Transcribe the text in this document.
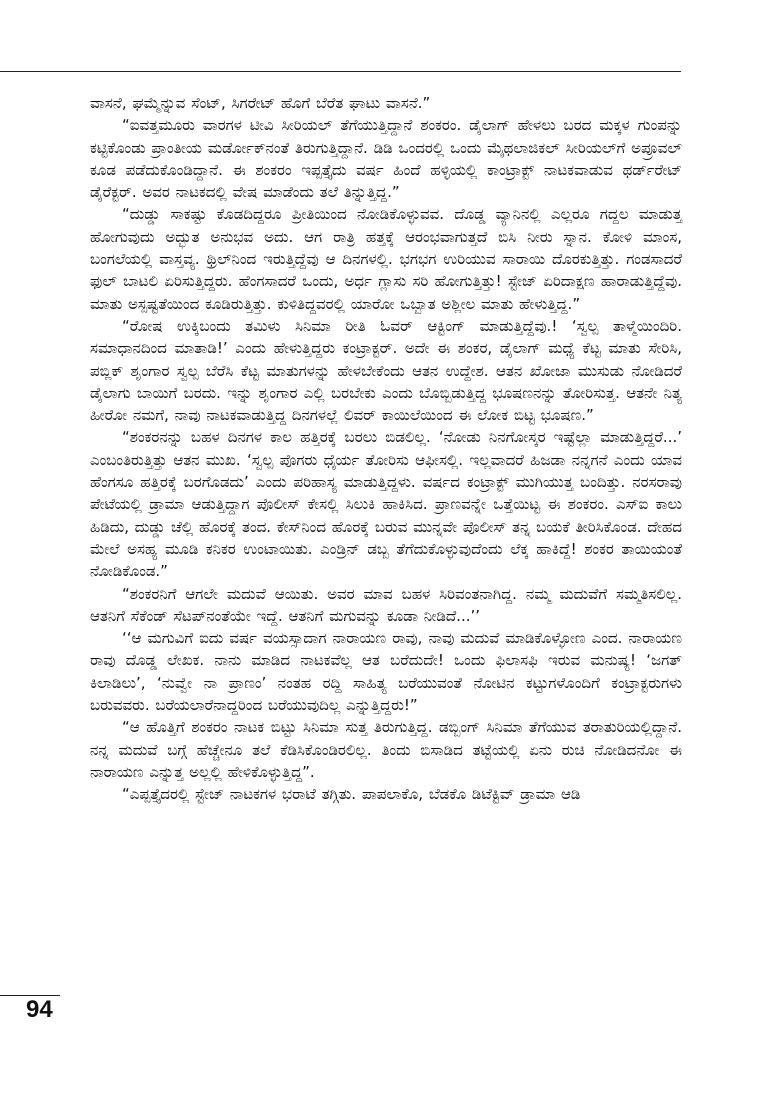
ವಾಸನೆ, ಘಮ್ಮೆನ್ನುವ ಸೆಂಟ್, ಸಿಗರೇಟ್ ಹೊಗೆ ಬೆರೆತ ಘಾಟು ವಾಸನೆ.”

“ಐವತ್ತಮೂರು ವಾರಗಳ ಟೀವಿ ಸೀರಿಯಲ್ ತೆಗೆಯುತ್ತಿದ್ದಾನೆ ಶಂಕರಂ. ಡೈಲಾಗ್ ಹೇಳಲು ಬರದ ಮಕ್ಕಳ ಗುಂಪನ್ನು ಕಟ್ಟಿಕೊಂಡು ಪ್ರಾಂತೀಯ ಮರ್ಡೋಕ್‌ನಂತೆ ತಿರುಗುತ್ತಿದ್ದಾನೆ. ಡಿಡಿ ಒಂದರಲ್ಲಿ ಒಂದು ಮೈಥಲಾಜಿಕಲ್ ಸೀರಿಯಲ್‌ಗೆ ಅಪ್ರೂವಲ್ ಕೂಡ ಪಡೆದುಕೊಂಡಿದ್ದಾನೆ. ಈ ಶಂಕರಂ ಇಪ್ಪತ್ತೈದು ವರ್ಷ ಹಿಂದೆ ಹಳ್ಳಿಯಲ್ಲಿ ಕಾಂಟ್ರಾಕ್ಟ್ ನಾಟಕವಾಡುವ ಥರ್ಡ್‌ರೇಟ್ ಡೈರೆಕ್ಟರ್. ಅವರ ನಾಟಕದಲ್ಲಿ ವೇಷ ಮಾಡೆಂದು ತಲೆ ತಿನ್ನುತ್ತಿದ್ದ.”

“ದುಡ್ಡು ಸಾಕಷ್ಟು ಕೊಡದಿದ್ದರೂ ಪ್ರೀತಿಯಿಂದ ನೋಡಿಕೊಳ್ಳುವವ. ದೊಡ್ಡ ವ್ಯಾನಿನಲ್ಲಿ ಎಲ್ಲರೂ ಗದ್ದಲ ಮಾಡುತ್ತ ಹೋಗುವುದು ಅದ್ಭುತ ಅನುಭವ ಅದು. ಆಗ ರಾತ್ರಿ ಹತ್ತಕ್ಕೆ ಆರಂಭವಾಗುತ್ತದೆ ಬಿಸಿ ನೀರು ಸ್ನಾನ. ಕೋಳಿ ಮಾಂಸ, ಬಂಗಲೆಯಲ್ಲಿ ವಾಸ್ತವ್ಯ. ಥ್ರಿಲ್‌ನಿಂದ ಇರುತ್ತಿದ್ದೆವು ಆ ದಿನಗಳಲ್ಲಿ. ಭಗಭಗ ಉರಿಯುವ ಸಾರಾಯಿ ದೊರಕುತ್ತಿತ್ತು. ಗಂಡಸಾದರೆ ಫುಲ್ ಬಾಟಲಿ ಏರಿಸುತ್ತಿದ್ದರು. ಹೆಂಗಸಾದರೆ ಒಂದು, ಅರ್ಧ ಗ್ಲಾಸು ಸರಿ ಹೋಗುತ್ತಿತ್ತು! ಸ್ಟೇಜ್ ಏರಿದಾಕ್ಷಣ ಹಾರಾಡುತ್ತಿದ್ದೆವು. ಮಾತು ಅಸ್ಪಷ್ಟತೆಯಿಂದ ಕೂಡಿರುತ್ತಿತ್ತು. ಕುಳಿತಿದ್ದವರಲ್ಲಿ ಯಾರೋ ಒಬ್ಬಾತ ಅಶ್ಲೀಲ ಮಾತು ಹೇಳುತ್ತಿದ್ದ.”

“ರೋಷ ಉಕ್ಕಿಬಂದು ತಮಿಳು ಸಿನಿಮಾ ರೀತಿ ಓವರ್ ಆಕ್ಟಿಂಗ್ ಮಾಡುತ್ತಿದ್ದೆವು.! ‘ಸ್ವಲ್ಪ ತಾಳ್ಮೆಯಿಂದಿರಿ. ಸಮಾಧಾನದಿಂದ ಮಾತಾಡಿ!’ ಎಂದು ಹೇಳುತ್ತಿದ್ದರು ಕಂಟ್ರಾಕ್ಟರ್. ಅದೇ ಈ ಶಂಕರ, ಡೈಲಾಗ್ ಮಧ್ಯೆ ಕೆಟ್ಟ ಮಾತು ಸೇರಿಸಿ, ಪಬ್ಲಿಕ್ ಶೃಂಗಾರ ಸ್ವಲ್ಪ ಬೆರೆಸಿ ಕೆಟ್ಟ ಮಾತುಗಳನ್ನು ಹೇಳಬೇಕೆಂದು ಆತನ ಉದ್ದೇಶ. ಆತನ ಖೋಜಾ ಮುಸುಡು ನೋಡಿದರೆ ಡೈಲಾಗು ಬಾಯಿಗೆ ಬರದು. ಇನ್ನು ಶೃಂಗಾರ ಎಲ್ಲಿ ಬರಬೇಕು ಎಂದು ಬೊಬ್ಬಿಡುತ್ತಿದ್ದ ಭೂಷಣನನ್ನು ತೋರಿಸುತ್ತ. ಆತನೇ ನಿತ್ಯ ಹೀರೋ ನಮಗೆ, ನಾವು ನಾಟಕವಾಡುತ್ತಿದ್ದ ದಿನಗಳಲ್ಲೆ ಲಿವರ್ ಕಾಯಿಲೆಯಿಂದ ಈ ಲೋಕ ಬಿಟ್ಟ ಭೂಷಣ.”

“ಶಂಕರನನ್ನು ಬಹಳ ದಿನಗಳ ಕಾಲ ಹತ್ತಿರಕ್ಕೆ ಬರಲು ಬಿಡಲಿಲ್ಲ. ‘ನೋಡು ನಿನಗೋಸ್ಕರ ಇಷ್ಟೆಲ್ಲಾ ಮಾಡುತ್ತಿದ್ದರೆ...’ ಎಂಬಂತಿರುತ್ತಿತ್ತು ಆತನ ಮುಖ. ‘ಸ್ವಲ್ಪ ಪೊಗರು ಧೈರ್ಯ ತೋರಿಸು ಆಫೀಸಲ್ಲಿ. ಇಲ್ಲವಾದರೆ ಹಿಜಡಾ ನನ್ನಗನೆ ಎಂದು ಯಾವ ಹೆಂಗಸೂ ಹತ್ತಿರಕ್ಕೆ ಬರಗೊಡದು’ ಎಂದು ಪರಿಹಾಸ್ಯ ಮಾಡುತ್ತಿದ್ದಳು. ವರ್ಷದ ಕಂಟ್ರಾಕ್ಟ್ ಮುಗಿಯುತ್ತ ಬಂದಿತ್ತು. ನರಸರಾವು ಪೇಟೆಯಲ್ಲಿ ಡ್ರಾಮಾ ಆಡುತ್ತಿದ್ದಾಗ ಪೊಲೀಸ್ ಕೇಸಲ್ಲಿ ಸಿಲುಕಿ ಹಾಕಿಸಿದ. ಪ್ರಾಣವನ್ನೇ ಒತ್ತೆಯಿಟ್ಟ ಈ ಶಂಕರಂ. ಎಸ್‌ಐ ಕಾಲು ಹಿಡಿದು, ದುಡ್ಡು ಚೆಲ್ಲಿ ಹೊರಕ್ಕೆ ತಂದ. ಕೇಸ್‌ನಿಂದ ಹೊರಕ್ಕೆ ಬರುವ ಮುನ್ನವೇ ಪೊಲೀಸ್ ತನ್ನ ಬಯಕೆ ತೀರಿಸಿಕೊಂಡ. ದೇಹದ ಮೇಲೆ ಅಸಹ್ಯ ಮೂಡಿ ಕನಿಕರ ಉಂಟಾಯಿತು. ಎಂಡ್ರಿನ್ ಡಬ್ಬ ತೆಗೆದುಕೊಳ್ಳುವುದೆಂದು ಲೆಕ್ಕ ಹಾಕಿದ್ದೆ! ಶಂಕರ ತಾಯಿಯಂತೆ ನೋಡಿಕೊಂಡ.”

“ಶಂಕರನಿಗೆ ಆಗಲೇ ಮದುವೆ ಆಯಿತು. ಅವರ ಮಾವ ಬಹಳ ಸಿರಿವಂತನಾಗಿದ್ದ. ನಮ್ಮ ಮದುವೆಗೆ ಸಮ್ಮತಿಸಲಿಲ್ಲ. ಆತನಿಗೆ ಸೆಕೆಂಡ್ ಸೆಟಪ್‌ನಂತೆಯೇ ಇದ್ದೆ. ಆತನಿಗೆ ಮಗುವನ್ನು ಕೂಡಾ ನೀಡಿದೆ...’’

‘‘ಆ ಮಗುವಿಗೆ ಐದು ವರ್ಷ ವಯಸ್ಸಾದಾಗ ನಾರಾಯಣ ರಾವು, ನಾವು ಮದುವೆ ಮಾಡಿಕೊಳ್ಳೋಣ ಎಂದ. ನಾರಾಯಣ ರಾವು ದೊಡ್ಡ ಲೇಖಕ. ನಾನು ಮಾಡಿದ ನಾಟಕವೆಲ್ಲ ಆತ ಬರೆದುದೇ! ಒಂದು ಫಿಲಾಸಫಿ ಇರುವ ಮನುಷ್ಯ! ‘ಜಗತ್ ಕಿಲಾಡಿಲು’, ‘ನುವ್ವೇ ನಾ ಪ್ರಾಣಂ’ ನಂತಹ ರದ್ದಿ ಸಾಹಿತ್ಯ ಬರೆಯುವಂತೆ ನೋಟಿನ ಕಟ್ಟುಗಳೊಂದಿಗೆ ಕಂಟ್ರಾಕ್ಟರುಗಳು ಬರುವವರು. ಬರೆಯಲಾರೆನಾದ್ದರಿಂದ ಬರೆಯುವುದಿಲ್ಲ ಎನ್ನುತ್ತಿದ್ದರು!”

“ಆ ಹೊತ್ತಿಗೆ ಶಂಕರಂ ನಾಟಕ ಬಿಟ್ಟು ಸಿನಿಮಾ ಸುತ್ತ ತಿರುಗುತ್ತಿದ್ದ. ಡಬ್ಬಿಂಗ್ ಸಿನಿಮಾ ತೆಗೆಯುವ ತರಾತುರಿಯಲ್ಲಿದ್ದಾನೆ. ನನ್ನ ಮದುವೆ ಬಗ್ಗೆ ಹೆಚ್ಚೇನೂ ತಲೆ ಕೆಡಿಸಿಕೊಂಡಿರಲಿಲ್ಲ. ತಿಂದು ಬಿಸಾಡಿದ ತಟ್ಟೆಯಲ್ಲಿ ಏನು ರುಚಿ ನೋಡಿದನೋ ಈ ನಾರಾಯಣ ಎನ್ನುತ್ತ ಅಲ್ಲಲ್ಲಿ ಹೇಳಿಕೊಳ್ಳುತ್ತಿದ್ದ”.

“ಎಪ್ಪತ್ತೈದರಲ್ಲಿ ಸ್ಟೇಜ್ ನಾಟಕಗಳ ಭರಾಟೆ ತಗ್ಗಿತು. ಪಾಪಲಾಕೊ, ಬೆಡಕೊ ಡಿಟೆಕ್ಟಿವ್ ಡ್ರಾಮಾ ಆಡಿ

94
